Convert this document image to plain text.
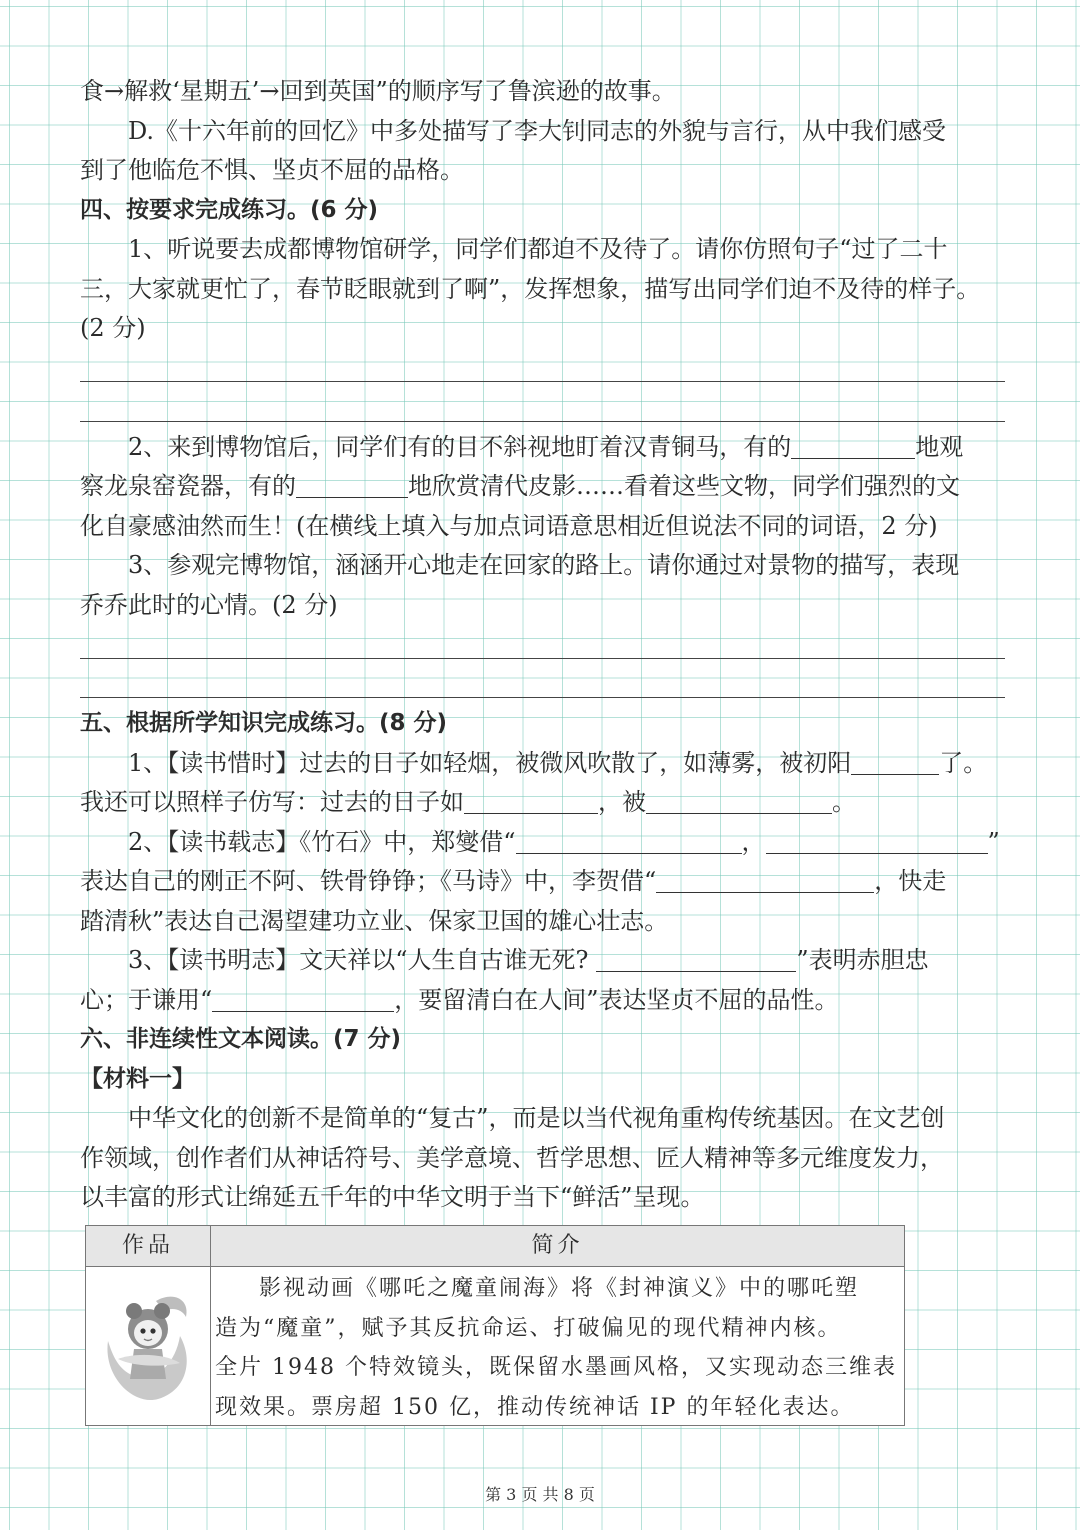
食→解救‘星期五’→回到英国”的顺序写了鲁滨逊的故事。
D.《十六年前的回忆》中多处描写了李大钊同志的外貌与言行，从中我们感受
到了他临危不惧、坚贞不屈的品格。
四、按要求完成练习。(6 分)
1、听说要去成都博物馆研学，同学们都迫不及待了。请你仿照句子“过了二十
三，大家就更忙了，春节眨眼就到了啊”，发挥想象，描写出同学们迫不及待的样子。
(2 分)
2、来到博物馆后，同学们有的目不斜视地盯着汉青铜马，有的	地观
察龙泉窑瓷器，有的	地欣赏清代皮影……看着这些文物，同学们强烈的文
化自豪感油然而生！(在横线上填入与加点词语意思相近但说法不同的词语，2 分)
3、参观完博物馆，涵涵开心地走在回家的路上。请你通过对景物的描写，表现
乔乔此时的心情。(2 分)
五、根据所学知识完成练习。(8 分)
1、【读书惜时】过去的日子如轻烟，被微风吹散了，如薄雾，被初阳	了。
我还可以照样子仿写：过去的日子如	，被	。
2、【读书载志】《竹石》中，郑燮借“	，	”
表达自己的刚正不阿、铁骨铮铮；《马诗》中，李贺借“	，快走
踏清秋”表达自己渴望建功立业、保家卫国的雄心壮志。
3、【读书明志】文天祥以“人生自古谁无死?	”表明赤胆忠
心；于谦用“	，要留清白在人间”表达坚贞不屈的品性。
六、非连续性文本阅读。(7 分)
【材料一】
中华文化的创新不是简单的“复古”，而是以当代视角重构传统基因。在文艺创
作领域，创作者们从神话符号、美学意境、哲学思想、匠人精神等多元维度发力，
以丰富的形式让绵延五千年的中华文明于当下“鲜活”呈现。
作品	简介
影视动画《哪吒之魔童闹海》将《封神演义》中的哪吒塑
造为“魔童”，赋予其反抗命运、打破偏见的现代精神内核。
全片 1948 个特效镜头，既保留水墨画风格，又实现动态三维表
现效果。票房超 150 亿，推动传统神话 IP 的年轻化表达。
第 3 页 共 8 页
